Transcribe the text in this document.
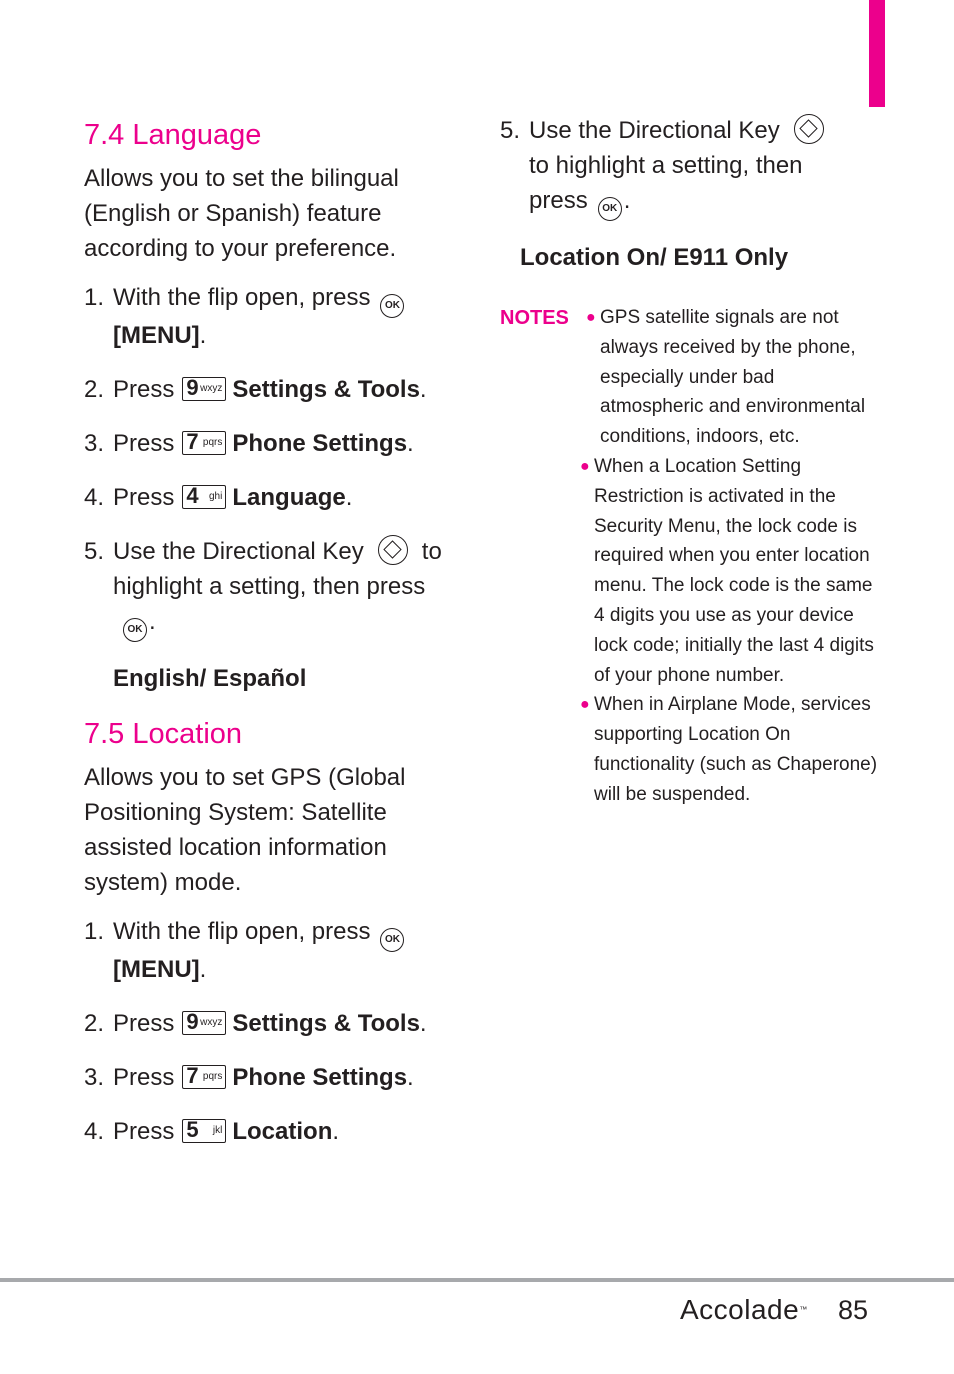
7.4 Language

Allows you to set the bilingual (English or Spanish) feature according to your preference.

1. With the flip open, press OK
[MENU].
2. Press 9 wxyz Settings & Tools.
3. Press 7 pqrs Phone Settings.
4. Press 4 ghi Language.
5. Use the Directional Key to highlight a setting, then pressOK .
English/ Español
7.5 Location

Allows you to set GPS (Global Positioning System: Satellite assisted location information system) mode.

1. With the flip open, press OK
[MENU].
2. Press 9 wxyz Settings & Tools.
3. Press 7 pqrs Phone Settings.
4. Press 5 jkl Location.
5. Use the Directional Key
to highlight a setting, then press OK .
Location On/ E911 Only
NOTES	● GPS satellite signals are not always received by the phone, especially under bad atmospheric and environmental conditions, indoors, etc.
● When a Location Setting Restriction is activated in the Security Menu, the lock code is required when you enter location menu. The lock code is the same 4 digits you use as your device lock code; initially the last 4 digits of your phone number.
● When in Airplane Mode, services supporting Location On functionality (such as Chaperone) will be suspended.
Accolade™ 85
